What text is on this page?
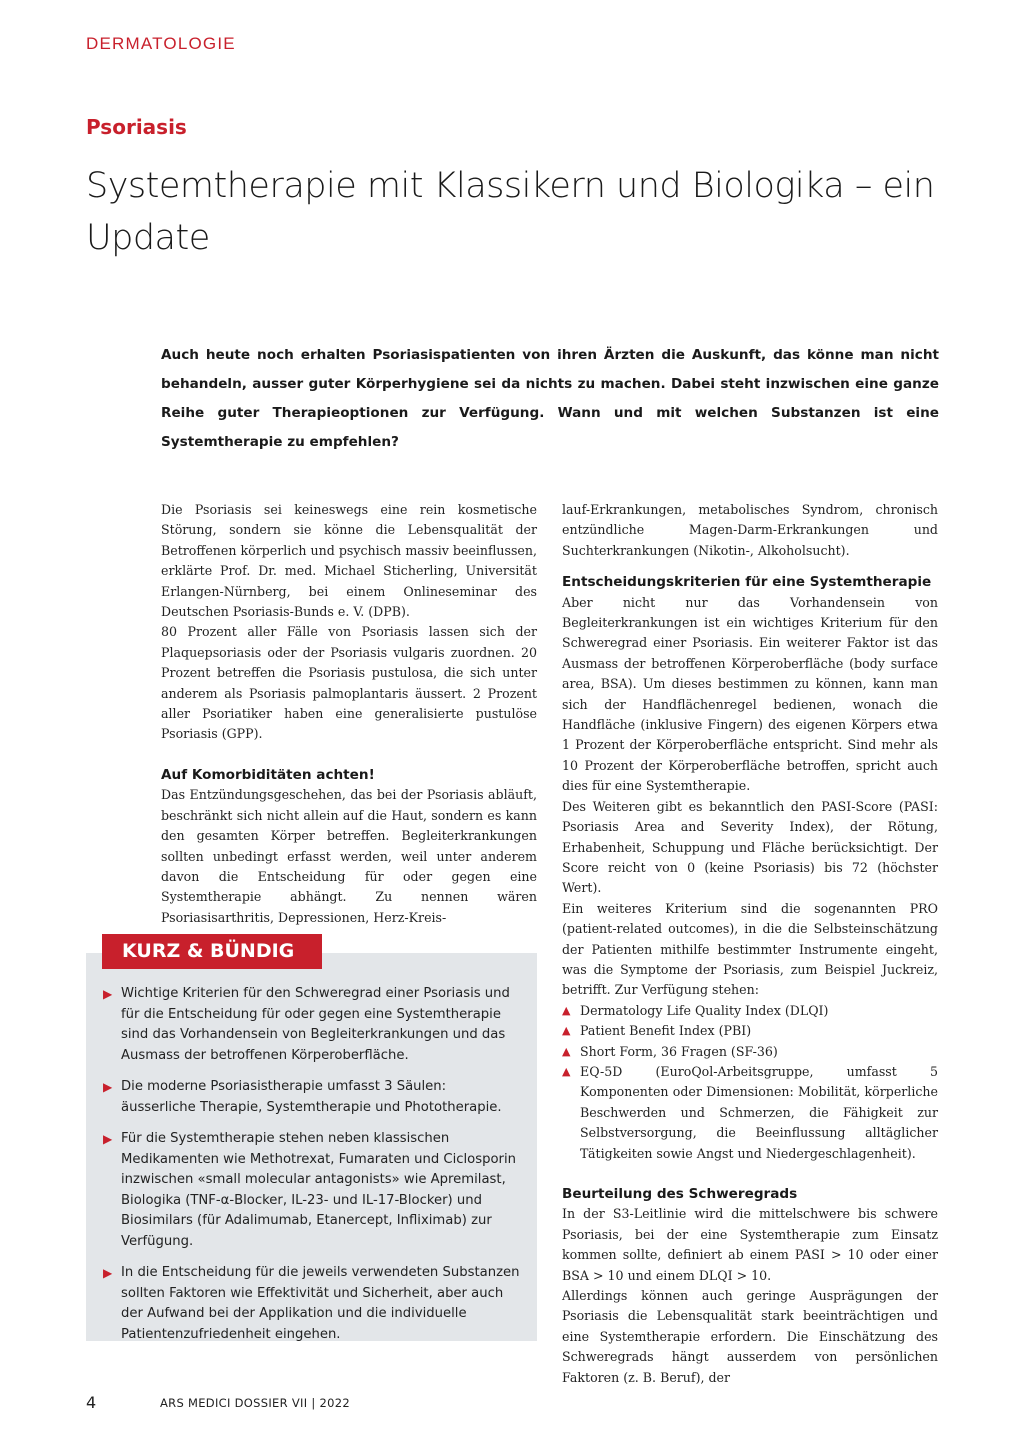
DERMATOLOGIE
Psoriasis
Systemtherapie mit Klassikern und Biologika – ein Update
Auch heute noch erhalten Psoriasispatienten von ihren Ärzten die Auskunft, das könne man nicht behandeln, ausser guter Körperhygiene sei da nichts zu machen. Dabei steht inzwischen eine ganze Reihe guter Therapieoptionen zur Verfügung. Wann und mit welchen Substanzen ist eine Systemtherapie zu empfehlen?

Die Psoriasis sei keineswegs eine rein kosmetische Störung, sondern sie könne die Lebensqualität der Betroffenen körperlich und psychisch massiv beeinflussen, erklärte Prof. Dr. med. Michael Sticherling, Universität Erlangen-Nürnberg, bei einem Onlineseminar des Deutschen Psoriasis-Bunds e. V. (DPB).

80 Prozent aller Fälle von Psoriasis lassen sich der Plaquepsoriasis oder der Psoriasis vulgaris zuordnen. 20 Prozent betreffen die Psoriasis pustulosa, die sich unter anderem als Psoriasis palmoplantaris äussert. 2 Prozent aller Psoriatiker haben eine generalisierte pustulöse Psoriasis (GPP).

Auf Komorbiditäten achten!

Das Entzündungsgeschehen, das bei der Psoriasis abläuft, beschränkt sich nicht allein auf die Haut, sondern es kann den gesamten Körper betreffen. Begleiterkrankungen sollten unbedingt erfasst werden, weil unter anderem davon die Entscheidung für oder gegen eine Systemtherapie abhängt. Zu nennen wären Psoriasisarthritis, Depressionen, Herz-Kreis-

lauf-Erkrankungen, metabolisches Syndrom, chronisch entzündliche Magen-Darm-Erkrankungen und Suchterkrankungen (Nikotin-, Alkoholsucht).

Entscheidungskriterien für eine Systemtherapie

Aber nicht nur das Vorhandensein von Begleiterkrankungen ist ein wichtiges Kriterium für den Schweregrad einer Psoriasis. Ein weiterer Faktor ist das Ausmass der betroffenen Körperoberfläche (body surface area, BSA). Um dieses bestimmen zu können, kann man sich der Handflächenregel bedienen, wonach die Handfläche (inklusive Fingern) des eigenen Körpers etwa 1 Prozent der Körperoberfläche entspricht. Sind mehr als 10 Prozent der Körperoberfläche betroffen, spricht auch dies für eine Systemtherapie.

Des Weiteren gibt es bekanntlich den PASI-Score (PASI: Psoriasis Area and Severity Index), der Rötung, Erhabenheit, Schuppung und Fläche berücksichtigt. Der Score reicht von 0 (keine Psoriasis) bis 72 (höchster Wert).

Ein weiteres Kriterium sind die sogenannten PRO (patient-related outcomes), in die die Selbsteinschätzung der Patienten mithilfe bestimmter Instrumente eingeht, was die Symptome der Psoriasis, zum Beispiel Juckreiz, betrifft. Zur Verfügung stehen:

▲ Dermatology Life Quality Index (DLQI)
▲ Patient Benefit Index (PBI)
▲ Short Form, 36 Fragen (SF-36)
▲ EQ-5D (EuroQol-Arbeitsgruppe, umfasst 5 Komponenten oder Dimensionen: Mobilität, körperliche Beschwerden und Schmerzen, die Fähigkeit zur Selbstversorgung, die Beeinflussung alltäglicher Tätigkeiten sowie Angst und Niedergeschlagenheit).
Beurteilung des Schweregrads

In der S3-Leitlinie wird die mittelschwere bis schwere Psoriasis, bei der eine Systemtherapie zum Einsatz kommen sollte, definiert ab einem PASI > 10 oder einer BSA > 10 und einem DLQI > 10.

Allerdings können auch geringe Ausprägungen der Psoriasis die Lebensqualität stark beeinträchtigen und eine Systemtherapie erfordern. Die Einschätzung des Schweregrads hängt ausserdem von persönlichen Faktoren (z. B. Beruf), der

KURZ & BÜNDIG
▶ Wichtige Kriterien für den Schweregrad einer Psoriasis und für die Entscheidung für oder gegen eine Systemtherapie sind das Vorhandensein von Begleiterkrankungen und das Ausmass der betroffenen Körperoberfläche.
▶ Die moderne Psoriasistherapie umfasst 3 Säulen: äusserliche Therapie, Systemtherapie und Phototherapie.
▶ Für die Systemtherapie stehen neben klassischen Medikamenten wie Methotrexat, Fumaraten und Ciclosporin inzwischen «small molecular antagonists» wie Apremilast, Biologika (TNF-α-Blocker, IL-23- und IL-17-Blocker) und Biosimilars (für Adalimumab, Etanercept, Infliximab) zur Verfügung.
▶ In die Entscheidung für die jeweils verwendeten Substanzen sollten Faktoren wie Effektivität und Sicherheit, aber auch der Aufwand bei der Applikation und die individuelle Patientenzufriedenheit eingehen.
4	ARS MEDICI DOSSIER VII | 2022
